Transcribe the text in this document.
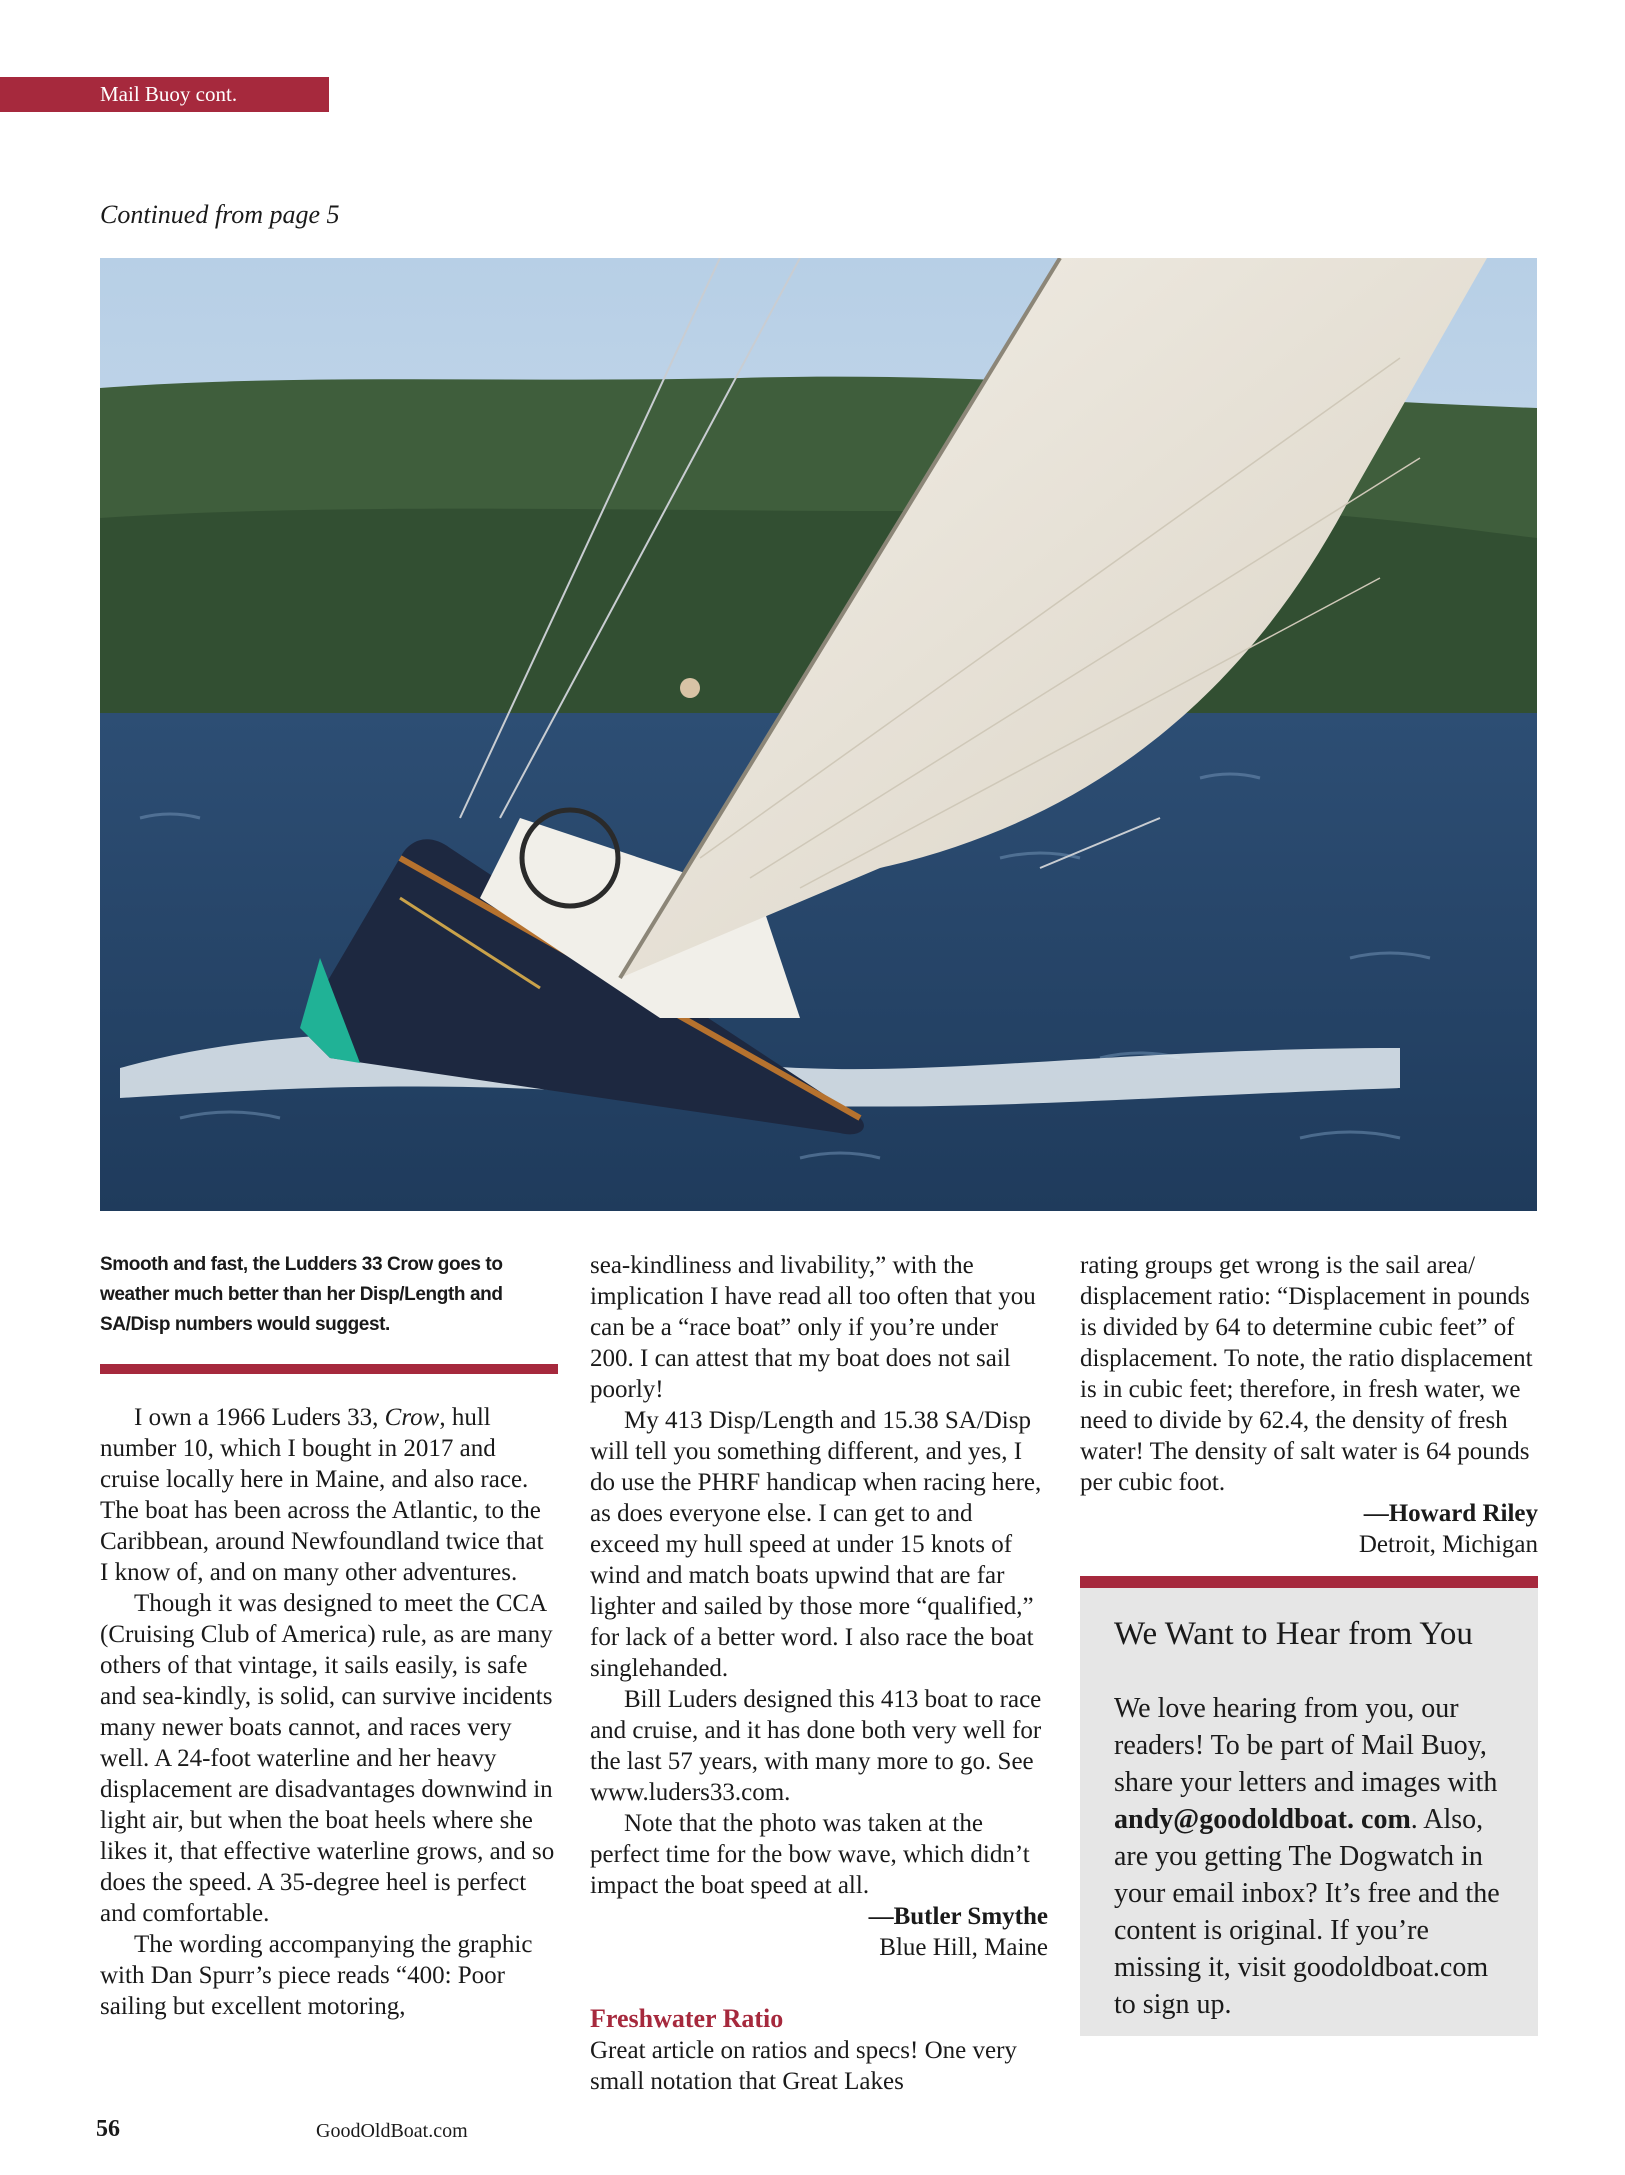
Mail Buoy cont.
Continued from page 5

Smooth and fast, the Ludders 33 Crow goes to weather much better than her Disp/Length and SA/Disp numbers would suggest.

I own a 1966 Luders 33, Crow, hull number 10, which I bought in 2017 and cruise locally here in Maine, and also race. The boat has been across the Atlantic, to the Caribbean, around Newfoundland twice that I know of, and on many other adventures.

Though it was designed to meet the CCA (Cruising Club of America) rule, as are many others of that vintage, it sails easily, is safe and sea-kindly, is solid, can survive incidents many newer boats cannot, and races very well. A 24-foot waterline and her heavy displacement are disadvantages downwind in light air, but when the boat heels where she likes it, that effective waterline grows, and so does the speed. A 35-degree heel is perfect and comfortable.

The wording accompanying the graphic with Dan Spurr’s piece reads “400: Poor sailing but excellent motoring,

sea-kindliness and livability,” with the implication I have read all too often that you can be a “race boat” only if you’re under 200. I can attest that my boat does not sail poorly!

My 413 Disp/Length and 15.38 SA/Disp will tell you something different, and yes, I do use the PHRF handicap when racing here, as does everyone else. I can get to and exceed my hull speed at under 15 knots of wind and match boats upwind that are far lighter and sailed by those more “qualified,” for lack of a better word. I also race the boat singlehanded.

Bill Luders designed this 413 boat to race and cruise, and it has done both very well for the last 57 years, with many more to go. See www.luders33.com.

Note that the photo was taken at the perfect time for the bow wave, which didn’t impact the boat speed at all.

—Butler Smythe
Blue Hill, Maine
Freshwater Ratio

Great article on ratios and specs! One very small notation that Great Lakes

rating groups get wrong is the sail area/ displacement ratio: “Displacement in pounds is divided by 64 to determine cubic feet” of displacement. To note, the ratio displacement is in cubic feet; therefore, in fresh water, we need to divide by 62.4, the density of fresh water! The density of salt water is 64 pounds per cubic foot.

—Howard Riley
Detroit, Michigan
We Want to Hear from You

We love hearing from you, our readers! To be part of Mail Buoy, share your letters and images with andy@goodoldboat. com. Also, are you getting The Dogwatch in your email inbox? It’s free and the content is original. If you’re missing it, visit goodoldboat.com to sign up.

56	GoodOldBoat.com
